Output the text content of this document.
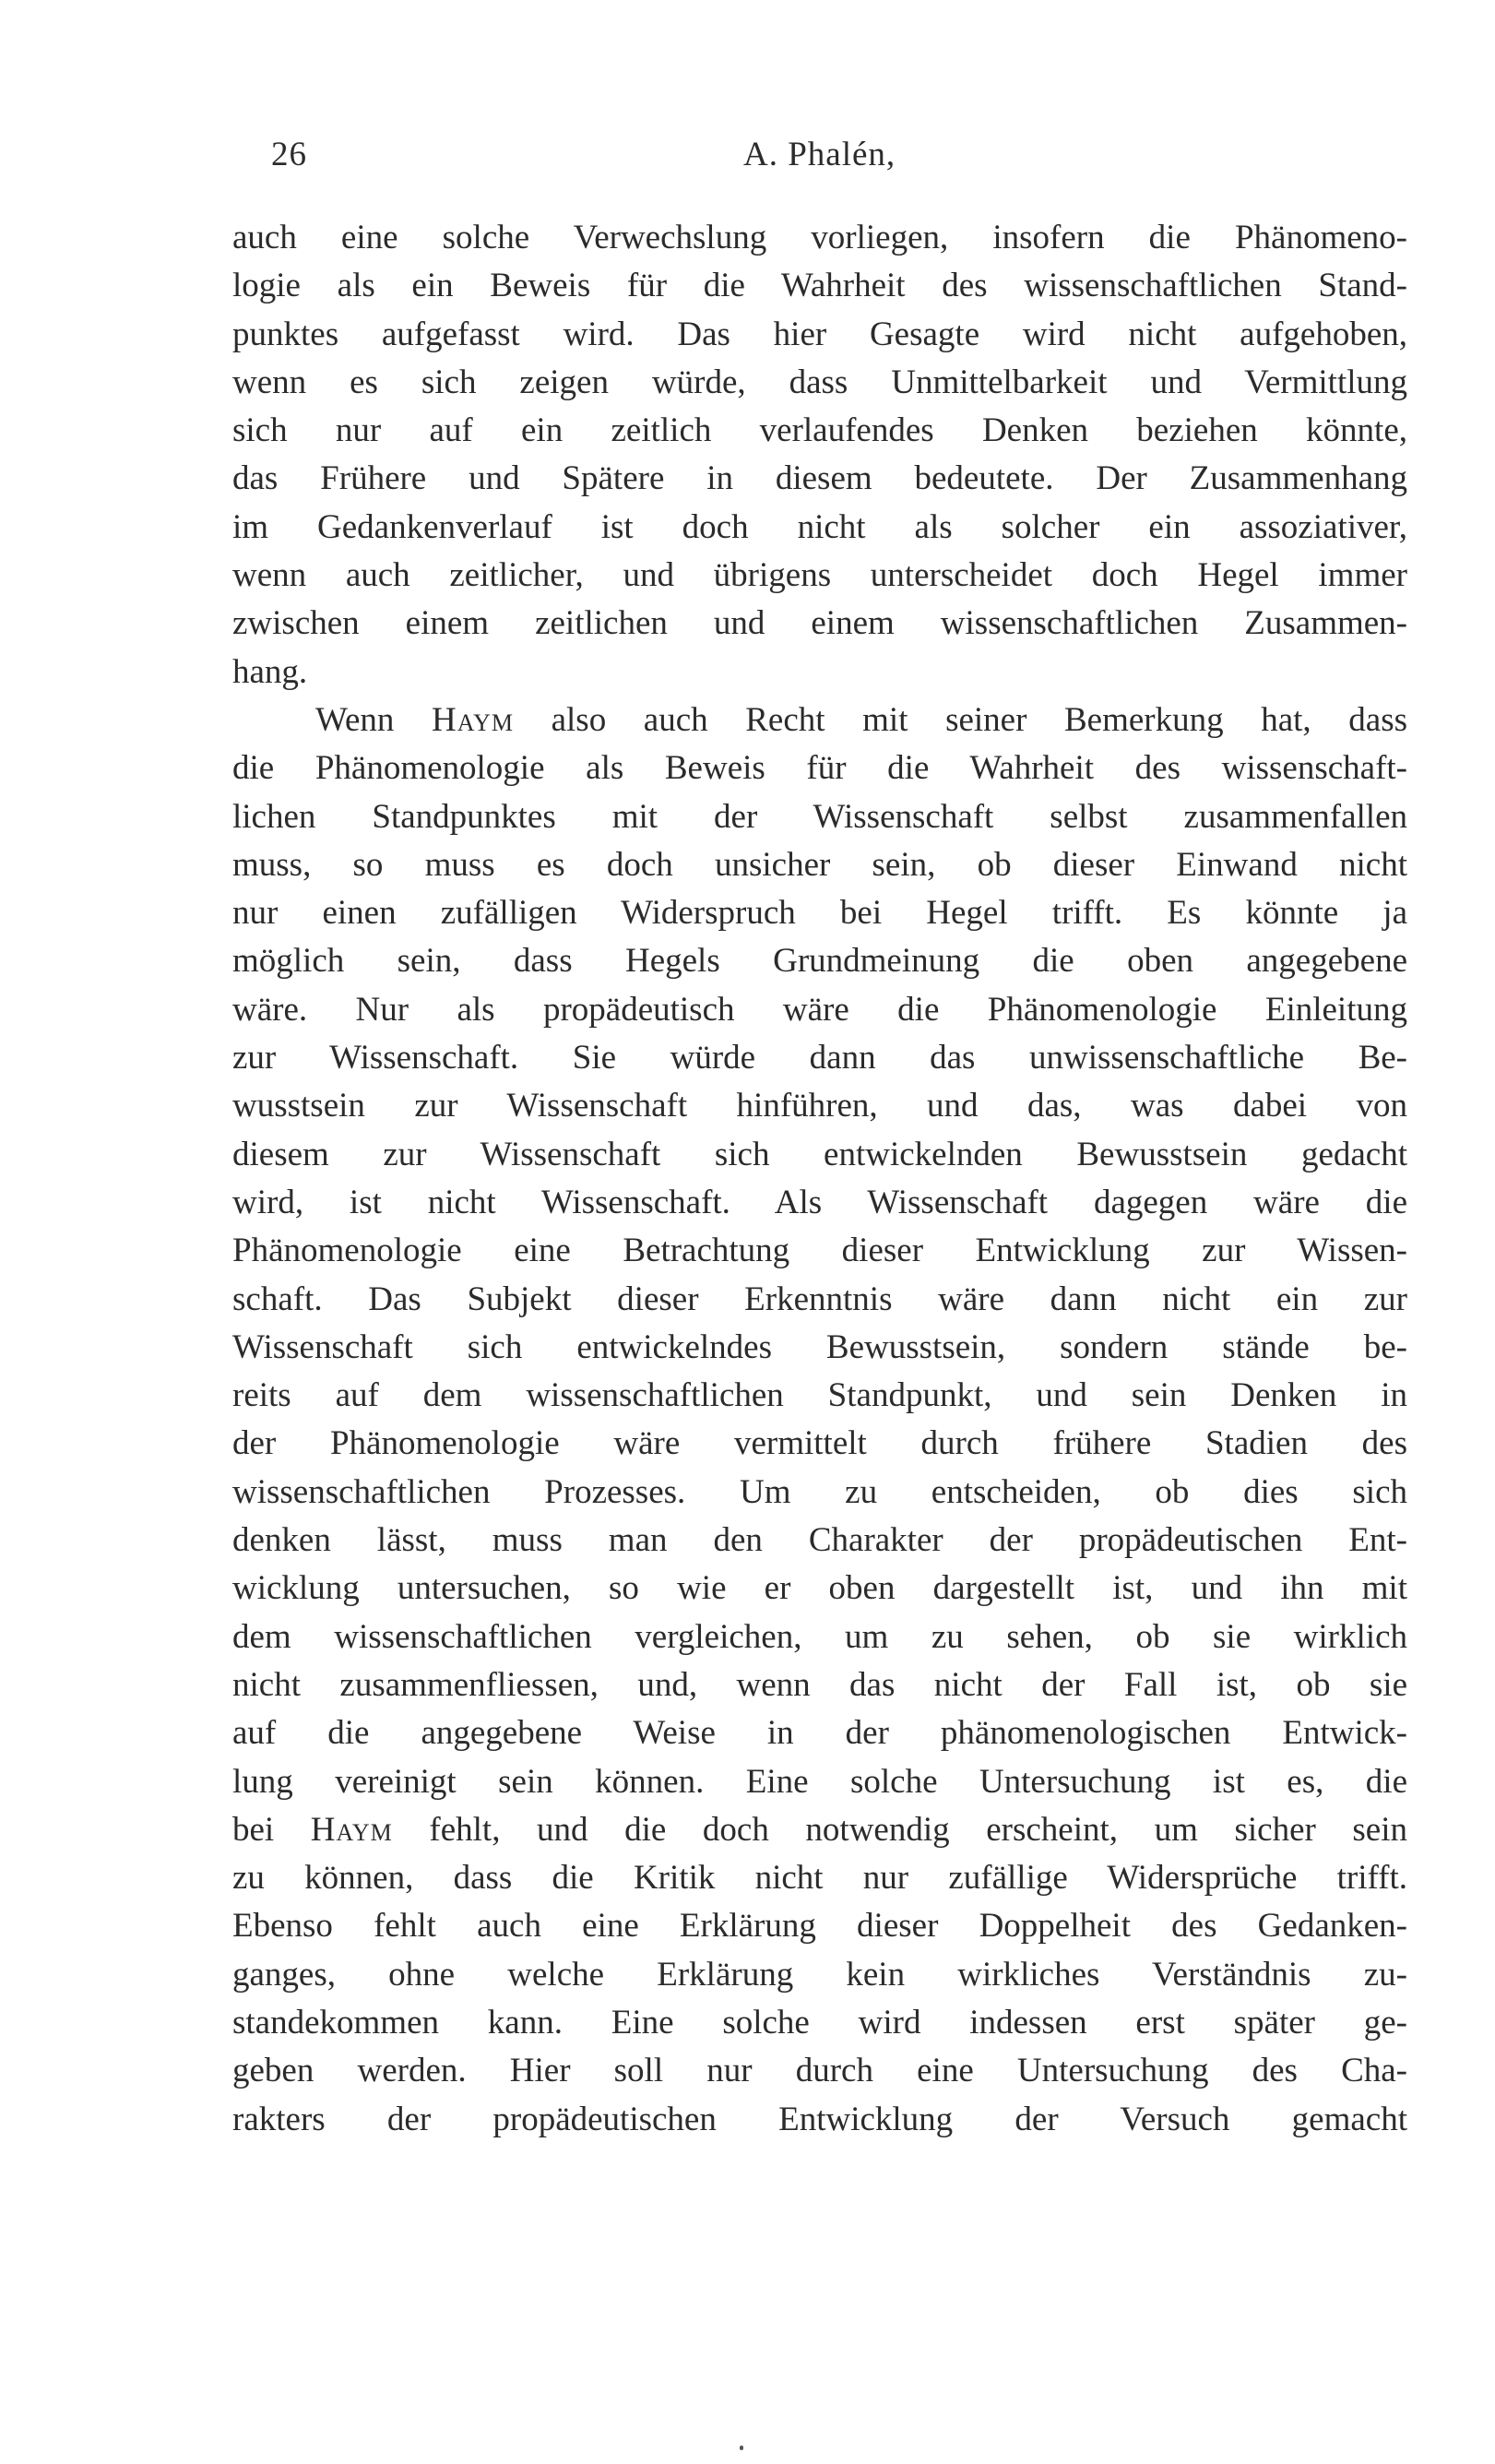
26	A. Phalén,
auch eine solche Verwechslung vorliegen, insofern die Phänomeno-
logie als ein Beweis für die Wahrheit des wissenschaftlichen Stand-
punktes aufgefasst wird. Das hier Gesagte wird nicht aufgehoben,
wenn es sich zeigen würde, dass Unmittelbarkeit und Vermittlung
sich nur auf ein zeitlich verlaufendes Denken beziehen könnte,
das Frühere und Spätere in diesem bedeutete. Der Zusammenhang
im Gedankenverlauf ist doch nicht als solcher ein assoziativer,
wenn auch zeitlicher, und übrigens unterscheidet doch Hegel immer
zwischen einem zeitlichen und einem wissenschaftlichen Zusammen-
hang.
Wenn Haym also auch Recht mit seiner Bemerkung hat, dass
die Phänomenologie als Beweis für die Wahrheit des wissenschaft-
lichen Standpunktes mit der Wissenschaft selbst zusammenfallen
muss, so muss es doch unsicher sein, ob dieser Einwand nicht
nur einen zufälligen Widerspruch bei Hegel trifft. Es könnte ja
möglich sein, dass Hegels Grundmeinung die oben angegebene
wäre. Nur als propädeutisch wäre die Phänomenologie Einleitung
zur Wissenschaft. Sie würde dann das unwissenschaftliche Be-
wusstsein zur Wissenschaft hinführen, und das, was dabei von
diesem zur Wissenschaft sich entwickelnden Bewusstsein gedacht
wird, ist nicht Wissenschaft. Als Wissenschaft dagegen wäre die
Phänomenologie eine Betrachtung dieser Entwicklung zur Wissen-
schaft. Das Subjekt dieser Erkenntnis wäre dann nicht ein zur
Wissenschaft sich entwickelndes Bewusstsein, sondern stände be-
reits auf dem wissenschaftlichen Standpunkt, und sein Denken in
der Phänomenologie wäre vermittelt durch frühere Stadien des
wissenschaftlichen Prozesses. Um zu entscheiden, ob dies sich
denken lässt, muss man den Charakter der propädeutischen Ent-
wicklung untersuchen, so wie er oben dargestellt ist, und ihn mit
dem wissenschaftlichen vergleichen, um zu sehen, ob sie wirklich
nicht zusammenfliessen, und, wenn das nicht der Fall ist, ob sie
auf die angegebene Weise in der phänomenologischen Entwick-
lung vereinigt sein können. Eine solche Untersuchung ist es, die
bei Haym fehlt, und die doch notwendig erscheint, um sicher sein
zu können, dass die Kritik nicht nur zufällige Widersprüche trifft.
Ebenso fehlt auch eine Erklärung dieser Doppelheit des Gedanken-
ganges, ohne welche Erklärung kein wirkliches Verständnis zu-
standekommen kann. Eine solche wird indessen erst später ge-
geben werden. Hier soll nur durch eine Untersuchung des Cha-
rakters der propädeutischen Entwicklung der Versuch gemacht
